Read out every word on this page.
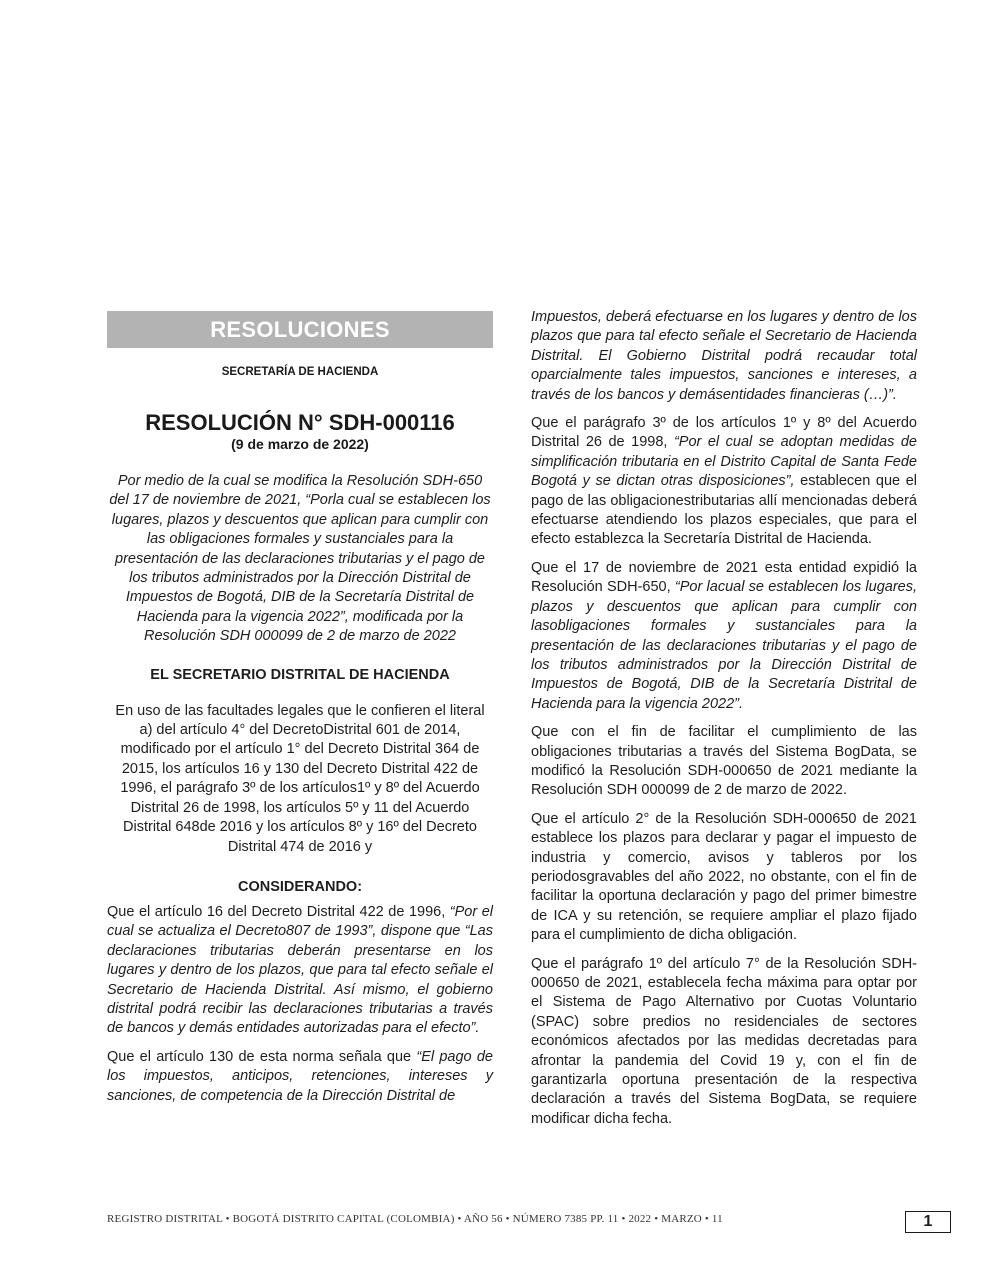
RESOLUCIONES
SECRETARÍA DE HACIENDA
RESOLUCIÓN N° SDH-000116
(9 de marzo de 2022)
Por medio de la cual se modifica la Resolución SDH-650 del 17 de noviembre de 2021, “Porla cual se establecen los lugares, plazos y descuentos que aplican para cumplir con las obligaciones formales y sustanciales para la presentación de las declaraciones tributarias y el pago de los tributos administrados por la Dirección Distrital de Impuestos de Bogotá, DIB de la Secretaría Distrital de Hacienda para la vigencia 2022”, modificada por la Resolución SDH 000099 de 2 de marzo de 2022
EL SECRETARIO DISTRITAL DE HACIENDA
En uso de las facultades legales que le confieren el literal a) del artículo 4° del DecretoDistrital 601 de 2014, modificado por el artículo 1° del Decreto Distrital 364 de 2015, los artículos 16 y 130 del Decreto Distrital 422 de 1996, el parágrafo 3º de los artículos1º y 8º del Acuerdo Distrital 26 de 1998, los artículos 5º y 11 del Acuerdo Distrital 648de 2016 y los artículos 8º y 16º del Decreto Distrital 474 de 2016 y
CONSIDERANDO:

Que el artículo 16 del Decreto Distrital 422 de 1996, “Por el cual se actualiza el Decreto807 de 1993”, dispone que “Las declaraciones tributarias deberán presentarse en los lugares y dentro de los plazos, que para tal efecto señale el Secretario de Hacienda Distrital. Así mismo, el gobierno distrital podrá recibir las declaraciones tributarias a través de bancos y demás entidades autorizadas para el efecto”.

Que el artículo 130 de esta norma señala que “El pago de los impuestos, anticipos, retenciones, intereses y sanciones, de competencia de la Dirección Distrital de

Impuestos, deberá efectuarse en los lugares y dentro de los plazos que para tal efecto señale el Secretario de Hacienda Distrital. El Gobierno Distrital podrá recaudar total oparcialmente tales impuestos, sanciones e intereses, a través de los bancos y demásentidades financieras (…)”.

Que el parágrafo 3º de los artículos 1º y 8º del Acuerdo Distrital 26 de 1998, “Por el cual se adoptan medidas de simplificación tributaria en el Distrito Capital de Santa Fede Bogotá y se dictan otras disposiciones”, establecen que el pago de las obligacionestributarias allí mencionadas deberá efectuarse atendiendo los plazos especiales, que para el efecto establezca la Secretaría Distrital de Hacienda.

Que el 17 de noviembre de 2021 esta entidad expidió la Resolución SDH-650, “Por lacual se establecen los lugares, plazos y descuentos que aplican para cumplir con lasobligaciones formales y sustanciales para la presentación de las declaraciones tributarias y el pago de los tributos administrados por la Dirección Distrital de Impuestos de Bogotá, DIB de la Secretaría Distrital de Hacienda para la vigencia 2022”.

Que con el fin de facilitar el cumplimiento de las obligaciones tributarias a través del Sistema BogData, se modificó la Resolución SDH-000650 de 2021 mediante la Resolución SDH 000099 de 2 de marzo de 2022.

Que el artículo 2° de la Resolución SDH-000650 de 2021 establece los plazos para declarar y pagar el impuesto de industria y comercio, avisos y tableros por los periodosgravables del año 2022, no obstante, con el fin de facilitar la oportuna declaración y pago del primer bimestre de ICA y su retención, se requiere ampliar el plazo fijado para el cumplimiento de dicha obligación.

Que el parágrafo 1º del artículo 7° de la Resolución SDH-000650 de 2021, establecela fecha máxima para optar por el Sistema de Pago Alternativo por Cuotas Voluntario (SPAC) sobre predios no residenciales de sectores económicos afectados por las medidas decretadas para afrontar la pandemia del Covid 19 y, con el fin de garantizarla oportuna presentación de la respectiva declaración a través del Sistema BogData, se requiere modificar dicha fecha.

REGISTRO DISTRITAL • BOGOTÁ DISTRITO CAPITAL (COLOMBIA) • AÑO 56 • NÚMERO 7385 PP. 11 • 2022 • MARZO • 11	1
